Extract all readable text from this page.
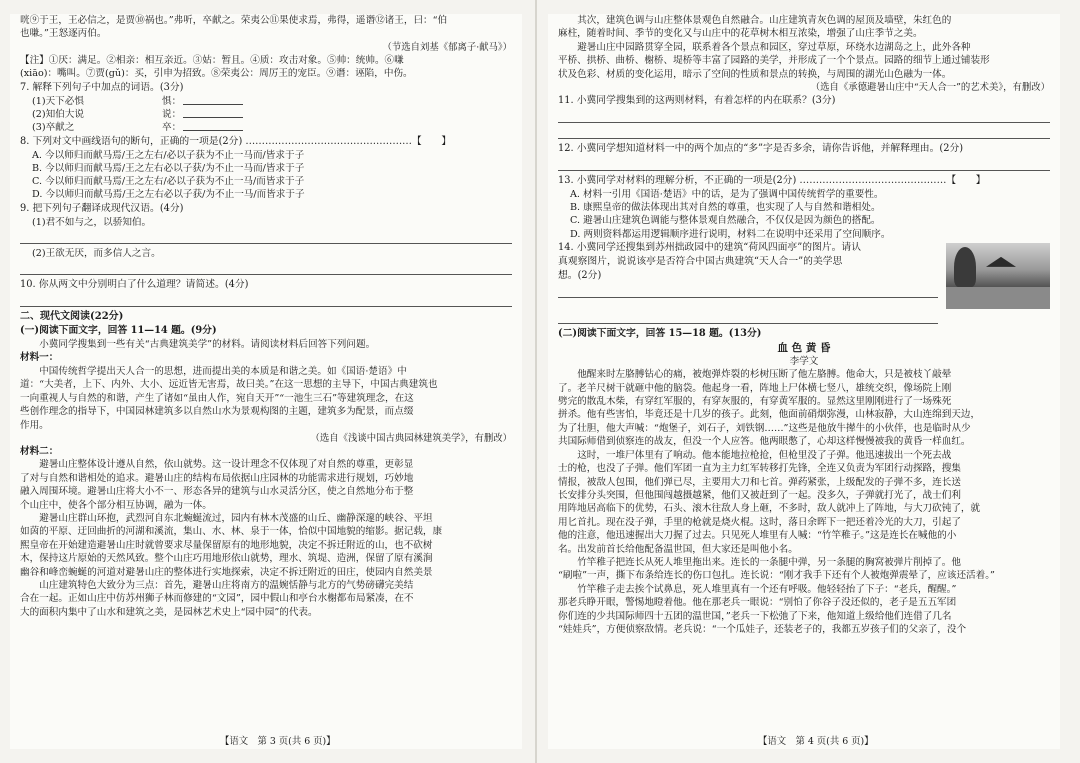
咣⑨于王，王必信之，是贾⑩祸也。”弗听，卒献之。荣夷公⑪果使求焉，弗得，遥谮⑫诸王，曰：“伯
也嗛。”王怒逐丙伯。
（节选自刘基《郁离子·献马》）
【注】①厌：满足。②相亲：相互亲近。③姑：暂且。④质：攻击对象。⑤帅：统帅。⑥嗛
(xiāo)：嘴叫。⑦贾(gǔ)：买，引申为招致。⑧荣夷公：周厉王的宠臣。⑨谮：诬陷，中伤。
7. 解释下列句子中加点的词语。(3分)
(1)天下必惧	惧：
(2)知伯大说	说：
(3)卒献之	卒：
8. 下列对文中画线语句的断句，正确的一项是(2分) ……………………………………………【　　】
A. 今以师归而献马焉/王之左右/必以子获为不止一马而/皆求于子
B. 今以师归而献马焉/王之左右必以子获/为不止一马而/皆求于子
C. 今以师归而献马焉/王之左右/必以子获为不止一马/而皆求于子
D. 今以师归而献马焉/王之左右必以子获/为不止一马/而皆求于子
9. 把下列句子翻译成现代汉语。(4分)
(1)君不如与之，以骄知伯。
(2)王欲无厌，而多信人之言。
10. 你从两文中分别明白了什么道理？请简述。(4分)
二、现代文阅读(22分)
(一)阅读下面文字，回答 11—14 题。(9分)
小冀同学搜集到一些有关“古典建筑美学”的材料。请阅读材料后回答下列问题。
材料一：
中国传统哲学提出天人合一的思想，进而提出美的本质是和谐之美。如《国语·楚语》中
道：“大美者，上下、内外、大小、远近皆无害焉，故曰美。”在这一思想的主导下，中国古典建筑也
一向重视人与自然的和谐，产生了诸如“虽由人作，宛自天开”“一池生三石”等建筑理念，在这
些创作理念的指导下，中国园林建筑多以自然山水为景观构图的主题，建筑多为配景，而点缀
作用。
（选自《浅谈中国古典园林建筑美学》，有删改）
材料二：
避暑山庄整体设计遵从自然，依山就势。这一设计理念不仅体现了对自然的尊重，更彰显
了对与自然和谐相处的追求。避暑山庄的结构布局依据山庄园林的功能需求进行规划，巧妙地
融入周围环境。避暑山庄将大小不一、形态各异的建筑与山水灵活分区，使之自然地分布于整
个山庄中，使各个部分相互协调，融为一体。
避暑山庄群山环抱，武烈河自东北蜿蜒流过，园内有林木茂盛的山丘、幽静深邃的峡谷、平坦
如茵的平原、迂回曲折的河湖和溪流，集山、水、林、泉于一体，恰似中国地貌的缩影。据记载，康
熙皇帝在开始建造避暑山庄时就曾要求尽量保留原有的地形地貌，决定不拆迁附近的山，也不砍树
木，保持这片原始的天然风致。整个山庄巧用地形依山就势，理水、筑堤、造洲，保留了原有溪涧
幽谷和峰峦蜿蜒的河道对避暑山庄的整体进行实地探索，决定不拆迁附近的田庄，使园内自然美景
山庄建筑特色大致分为三点：首先，避暑山庄将南方的温婉恬静与北方的气势磅礴完美结
合在一起。正如山庄中仿苏州狮子林而修建的“文园”，园中假山和亭台水榭都布局紧凑，在不
大的面积内集中了山水和建筑之美，是园林艺术史上“园中园”的代表。
【语文　第 3 页(共 6 页)】
其次，建筑色调与山庄整体景观色自然融合。山庄建筑青灰色调的屋顶及墙壁，朱红色的
麻柱，随着时间、季节的变化又与山庄中的花草树木相互浓染，增强了山庄季节之美。
避暑山庄中园路贯穿全园，联系着各个景点和园区，穿过草原，环绕水边湖岛之上，此外各种
平桥、拱桥、曲桥、榭桥、堤桥等丰富了园路的美学，并形成了一个个景点。园路的细节上通过铺装形
状及色彩、材质的变化运用，暗示了空间的性质和景点的转换，与周围的湖光山色融为一体。
（选自《承德避暑山庄中“天人合一”的艺术美》，有删改）
11. 小冀同学搜集到的这两则材料，有着怎样的内在联系？(3分)
12. 小冀同学想知道材料一中的两个加点的“多”字是否多余，请你告诉他，并解释理由。(2分)
13. 小冀同学对材料的理解分析，不正确的一项是(2分) ………………………………………【　　】
A. 材料一引用《国语·楚语》中的话，是为了强调中国传统哲学的重要性。
B. 康熙皇帝的做法体现出其对自然的尊重，也实现了人与自然和谐相处。
C. 避暑山庄建筑色调能与整体景观自然融合，不仅仅是因为颜色的搭配。
D. 两则资料都运用逻辑顺序进行说明，材料二在说明中还采用了空间顺序。
14. 小冀同学还搜集到苏州拙政园中的建筑“荷风四面亭”的图片。请认
真观察图片，说说该亭是否符合中国古典建筑“天人合一”的美学思
想。(2分)
(二)阅读下面文字，回答 15—18 题。(13分)
血 色 黄 昏
李学文
他醒来时左胳膊钻心的痛，被炮弹炸裂的杉树压断了他左胳膊。他命大，只是被枝丫敲晕
了。老羊尺树干就砸中他的脑袋。他起身一看，阵地上尸体横七竖八，雄统交织，像场院上刚
劈完的散乱木柴，有穿红军服的，有穿灰服的，有穿黄军服的。显然这里刚刚进行了一场殊死
拼杀。他有些害怕，毕竟还是十几岁的孩子。此刻，他面前硝烟弥漫，山林寂静，大山连绵到天边，
为了壮胆，他大声喊：“炮堡子，刘石子，刘铁钢……”这些是他放牛撵牛的小伙伴，也是临时从少
共国际师借到侦察连的战友，但没一个人应答。他两眼憋了，心却这样慢慢被我的黄昏一样血红。
这时，一堆尸体里有了响动。他本能地拉枪抢，但枪里没了子弹。他迅速拔出一个死去战
士的枪，也没了子弹。他们军团一直为主力红军转移打先锋，全连又负责为军团行动探路，搜集
情报，被敌人包围，他们弹已尽，主要用大刀和七首。弹药紧张，上级配发的子弹不多，连长送
长安排分头突围，但他围闯越摄越紧，他们又被赶到了一起。没多久，子弹就打光了，战士们利
用阵地居高临下的优势，石头、滚木往敌人身上砸，不多时，敌人就冲上了阵地，与大刀砍钝了，就
用匕首扎。现在没子弹，手里的枪就是烧火棍。这时，落日余晖下一把还着冷光的大刀，引起了
他的注意，他迅速握出大刀握了过去。只见死人堆里有人喊：“竹竿稚子。”这是连长在喊他的小
名。出发前首长给他配备温世国，但大家还是叫他小名。
竹竿稚子把连长从死人堆里拖出来。连长的一条腿中弹，另一条腿的胸窝被弹片削掉了。他
“刷啦”一声，撕下布条给连长的伤口包扎。连长说：“刚才我手下还有个人被炮弹震晕了，应该还活着。”
竹竿稚子走去挨个试鼻息，死人堆里真有一个还有呼吸。他轻轻抬了下子：“老兵，醒醒。”
那老兵睁开眼，警惕地瞪着他。他在那老兵一眼说：“别怕了你谷子没还似的，老子是五五军团
你们连的少共国际师四十五团的温世国，”老兵一下松弛了下来，他知道上级给他们连借了几名
“娃娃兵”，方便侦察敌情。老兵说：“一个瓜娃子，还装老子的，我都五岁孩子们的父亲了，没个
【语文　第 4 页(共 6 页)】
